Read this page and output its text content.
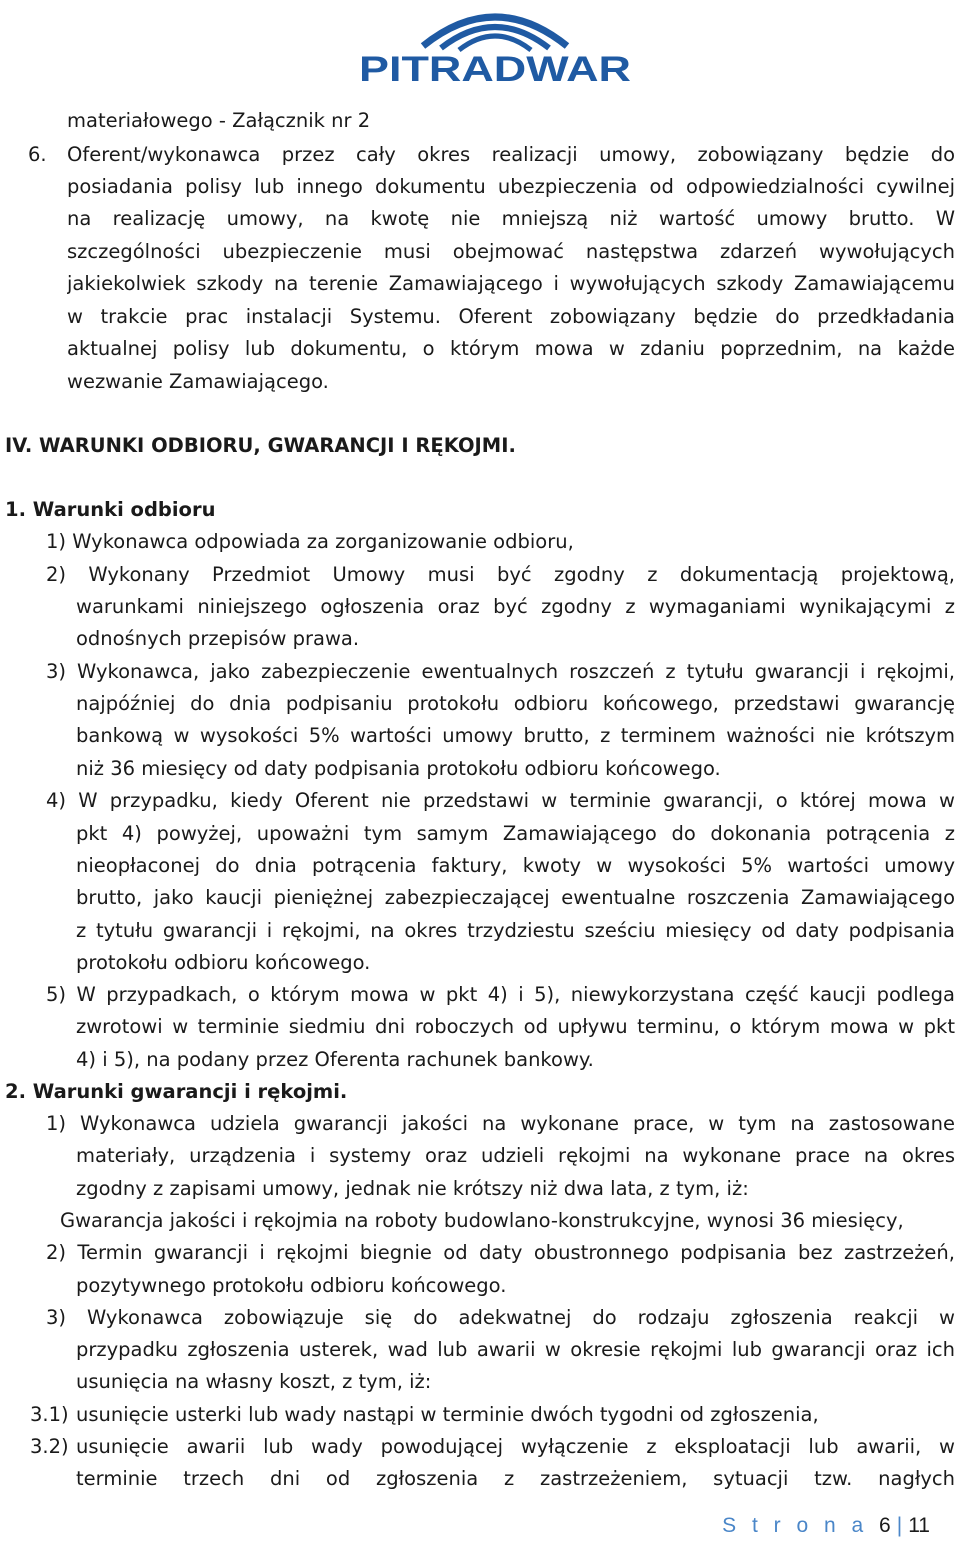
PITRADWAR
materiałowego - Załącznik nr 2
6. Oferent/wykonawca przez cały okres realizacji umowy, zobowiązany będzie do
posiadania polisy lub innego dokumentu ubezpieczenia od odpowiedzialności cywilnej
na realizację umowy, na kwotę nie mniejszą niż wartość umowy brutto. W
szczególności ubezpieczenie musi obejmować następstwa zdarzeń wywołujących
jakiekolwiek szkody na terenie Zamawiającego i wywołujących szkody Zamawiającemu
w trakcie prac instalacji Systemu. Oferent zobowiązany będzie do przedkładania
aktualnej polisy lub dokumentu, o którym mowa w zdaniu poprzednim, na każde
wezwanie Zamawiającego.
IV. WARUNKI ODBIORU, GWARANCJI I RĘKOJMI.
1. Warunki odbioru
1) Wykonawca odpowiada za zorganizowanie odbioru,
2) Wykonany Przedmiot Umowy musi być zgodny z dokumentacją projektową,
warunkami niniejszego ogłoszenia oraz być zgodny z wymaganiami wynikającymi z
odnośnych przepisów prawa.
3) Wykonawca, jako zabezpieczenie ewentualnych roszczeń z tytułu gwarancji i rękojmi,
najpóźniej do dnia podpisaniu protokołu odbioru końcowego, przedstawi gwarancję
bankową w wysokości 5% wartości umowy brutto, z terminem ważności nie krótszym
niż 36 miesięcy od daty podpisania protokołu odbioru końcowego.
4) W przypadku, kiedy Oferent nie przedstawi w terminie gwarancji, o której mowa w
pkt 4) powyżej, upoważni tym samym Zamawiającego do dokonania potrącenia z
nieopłaconej do dnia potrącenia faktury, kwoty w wysokości 5% wartości umowy
brutto, jako kaucji pieniężnej zabezpieczającej ewentualne roszczenia Zamawiającego
z tytułu gwarancji i rękojmi, na okres trzydziestu sześciu miesięcy od daty podpisania
protokołu odbioru końcowego.
5) W przypadkach, o którym mowa w pkt 4) i 5), niewykorzystana część kaucji podlega
zwrotowi w terminie siedmiu dni roboczych od upływu terminu, o którym mowa w pkt
4) i 5), na podany przez Oferenta rachunek bankowy.
2. Warunki gwarancji i rękojmi.
1) Wykonawca udziela gwarancji jakości na wykonane prace, w tym na zastosowane
materiały, urządzenia i systemy oraz udzieli rękojmi na wykonane prace na okres
zgodny z zapisami umowy, jednak nie krótszy niż dwa lata, z tym, iż:
Gwarancja jakości i rękojmia na roboty budowlano-konstrukcyjne, wynosi 36 miesięcy,
2) Termin gwarancji i rękojmi biegnie od daty obustronnego podpisania bez zastrzeżeń,
pozytywnego protokołu odbioru końcowego.
3) Wykonawca zobowiązuje się do adekwatnej do rodzaju zgłoszenia reakcji w
przypadku zgłoszenia usterek, wad lub awarii w okresie rękojmi lub gwarancji oraz ich
usunięcia na własny koszt, z tym, iż:
3.1) usunięcie usterki lub wady nastąpi w terminie dwóch tygodni od zgłoszenia,
3.2) usunięcie awarii lub wady powodującej wyłączenie z eksploatacji lub awarii, w
terminie trzech dni od zgłoszenia z zastrzeżeniem, sytuacji tzw. nagłych
S t r o n a 6 | 11
